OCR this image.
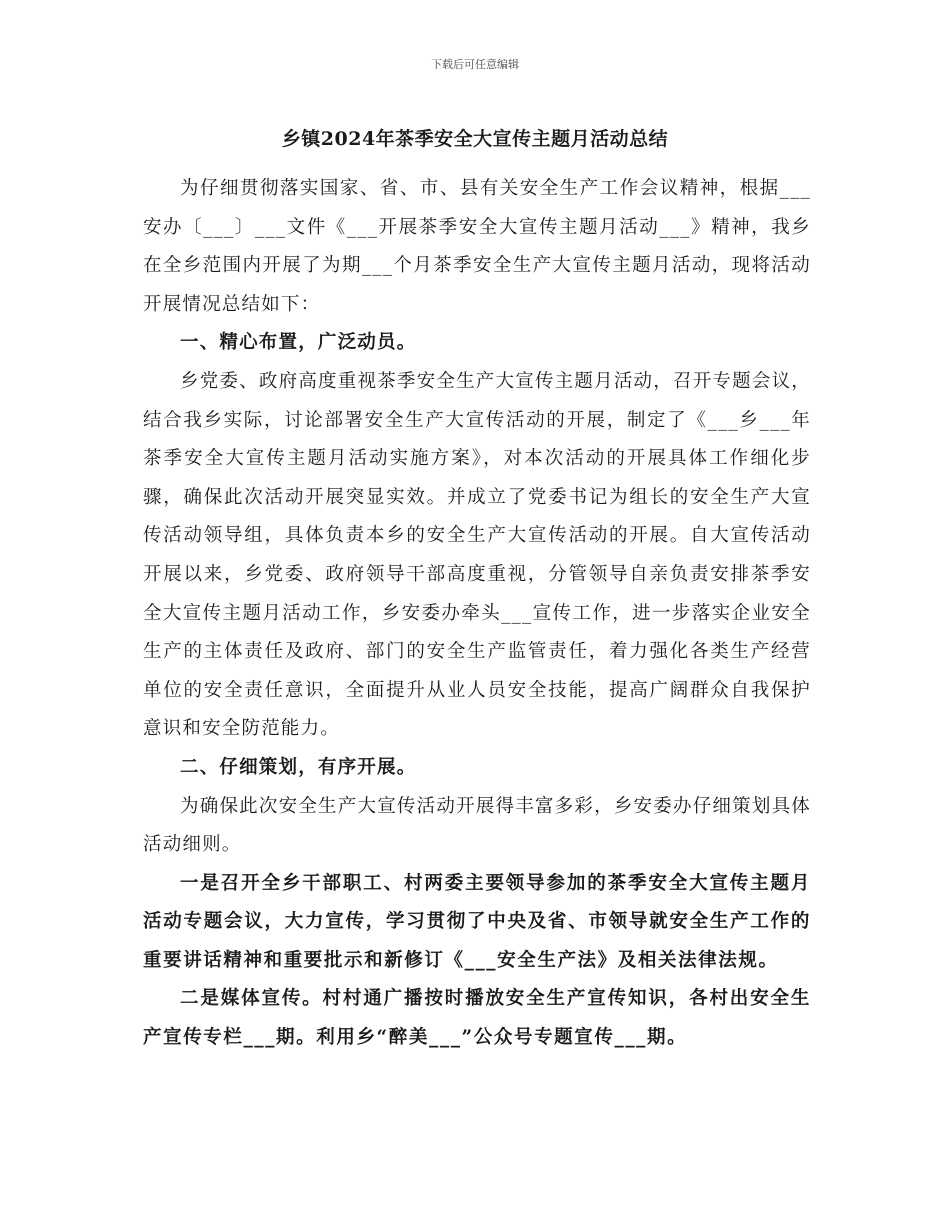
下载后可任意编辑
乡镇2024年茶季安全大宣传主题月活动总结

为仔细贯彻落实国家、省、市、县有关安全生产工作会议精神，根据___安办〔___〕___文件《___开展茶季安全大宣传主题月活动___》精神，我乡在全乡范围内开展了为期___个月茶季安全生产大宣传主题月活动，现将活动开展情况总结如下：

一、精心布置，广泛动员。

乡党委、政府高度重视茶季安全生产大宣传主题月活动，召开专题会议，结合我乡实际，讨论部署安全生产大宣传活动的开展，制定了《___乡___年茶季安全大宣传主题月活动实施方案》，对本次活动的开展具体工作细化步骤，确保此次活动开展突显实效。并成立了党委书记为组长的安全生产大宣传活动领导组，具体负责本乡的安全生产大宣传活动的开展。自大宣传活动开展以来，乡党委、政府领导干部高度重视，分管领导自亲负责安排茶季安全大宣传主题月活动工作，乡安委办牵头___宣传工作，进一步落实企业安全生产的主体责任及政府、部门的安全生产监管责任，着力强化各类生产经营单位的安全责任意识，全面提升从业人员安全技能，提高广阔群众自我保护意识和安全防范能力。

二、仔细策划，有序开展。

为确保此次安全生产大宣传活动开展得丰富多彩，乡安委办仔细策划具体活动细则。

一是召开全乡干部职工、村两委主要领导参加的茶季安全大宣传主题月活动专题会议，大力宣传，学习贯彻了中央及省、市领导就安全生产工作的重要讲话精神和重要批示和新修订《___安全生产法》及相关法律法规。

二是媒体宣传。村村通广播按时播放安全生产宣传知识，各村出安全生产宣传专栏___期。利用乡“醉美___”公众号专题宣传___期。
